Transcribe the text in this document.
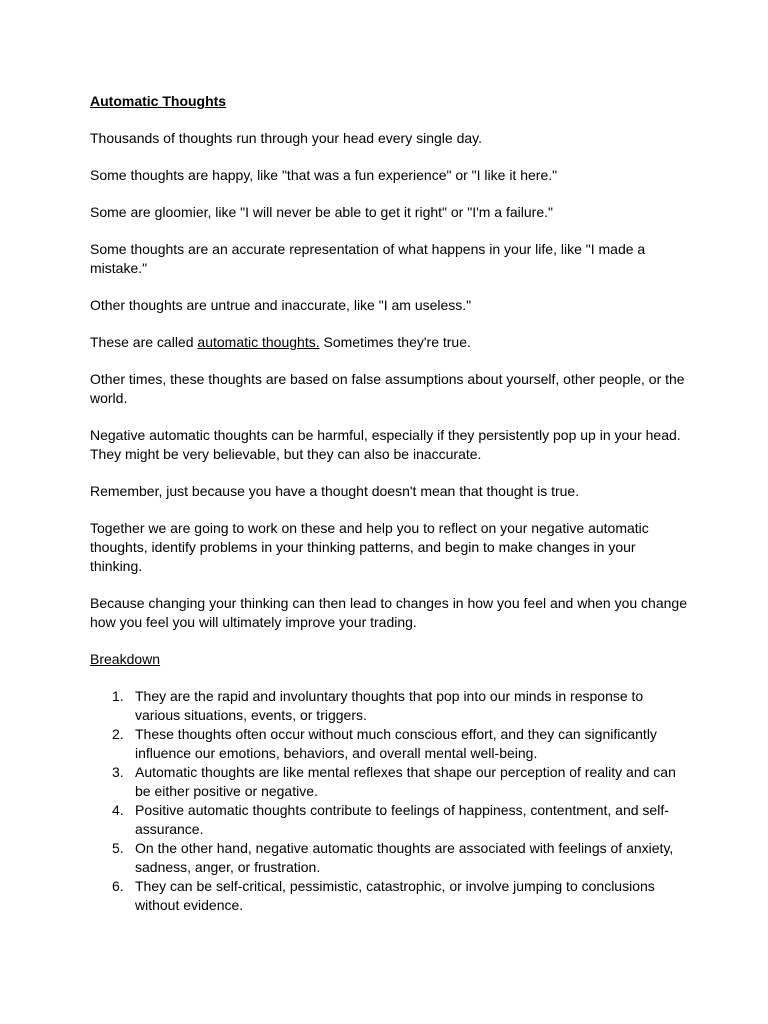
Automatic Thoughts

Thousands of thoughts run through your head every single day.

Some thoughts are happy, like "that was a fun experience" or "I like it here."

Some are gloomier, like "I will never be able to get it right" or "I'm a failure."

Some thoughts are an accurate representation of what happens in your life, like "I made a mistake."

Other thoughts are untrue and inaccurate, like "I am useless."

These are called automatic thoughts. Sometimes they're true.

Other times, these thoughts are based on false assumptions about yourself, other people, or the world.

Negative automatic thoughts can be harmful, especially if they persistently pop up in your head. They might be very believable, but they can also be inaccurate.

Remember, just because you have a thought doesn't mean that thought is true.

Together we are going to work on these and help you to reflect on your negative automatic thoughts, identify problems in your thinking patterns, and begin to make changes in your thinking.

Because changing your thinking can then lead to changes in how you feel and when you change how you feel you will ultimately improve your trading.

Breakdown

1. They are the rapid and involuntary thoughts that pop into our minds in response to various situations, events, or triggers.
2. These thoughts often occur without much conscious effort, and they can significantly influence our emotions, behaviors, and overall mental well-being.
3. Automatic thoughts are like mental reflexes that shape our perception of reality and can be either positive or negative.
4. Positive automatic thoughts contribute to feelings of happiness, contentment, and self-assurance.
5. On the other hand, negative automatic thoughts are associated with feelings of anxiety, sadness, anger, or frustration.
6. They can be self-critical, pessimistic, catastrophic, or involve jumping to conclusions without evidence.
